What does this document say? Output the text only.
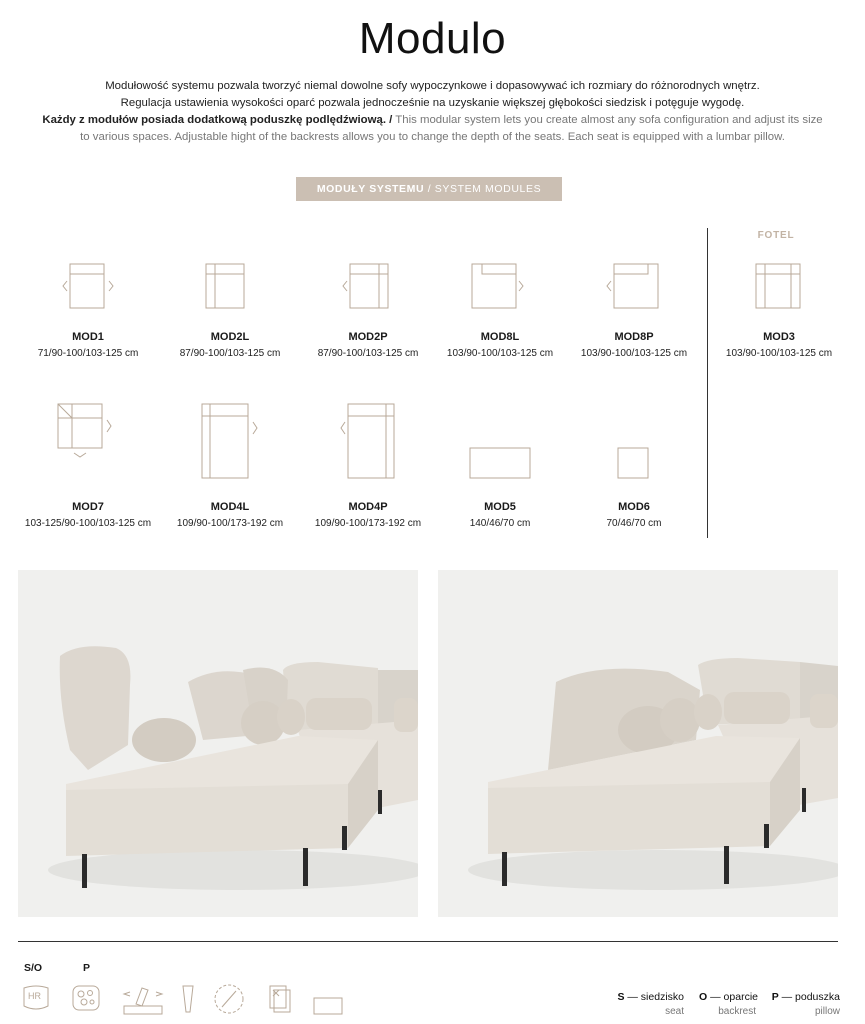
Modulo
Modułowość systemu pozwala tworzyć niemal dowolne sofy wypoczynkowe i dopasowywać ich rozmiary do różnorodnych wnętrz.
Regulacja ustawienia wysokości oparć pozwala jednocześnie na uzyskanie większej głębokości siedzisk i potęguje wygodę.
Każdy z modułów posiada dodatkową poduszkę podlędźwiową. / This modular system lets you create almost any sofa configuration and adjust its size
to various spaces. Adjustable hight of the backrests allows you to change the depth of the seats. Each seat is equipped with a lumbar pillow.
MODUŁY SYSTEMU / SYSTEM MODULES
FOTEL
MOD1
71/90-100/103-125 cm
MOD2L
87/90-100/103-125 cm
MOD2P
87/90-100/103-125 cm
MOD8L
103/90-100/103-125 cm
MOD8P
103/90-100/103-125 cm
MOD3
103/90-100/103-125 cm
MOD7
103-125/90-100/103-125 cm
MOD4L
109/90-100/173-192 cm
MOD4P
109/90-100/173-192 cm
MOD5
140/46/70 cm
MOD6
70/46/70 cm
S/O	P
HR	S — siedzisko
seat
O — oparcie
backrest
P — poduszka
pillow
